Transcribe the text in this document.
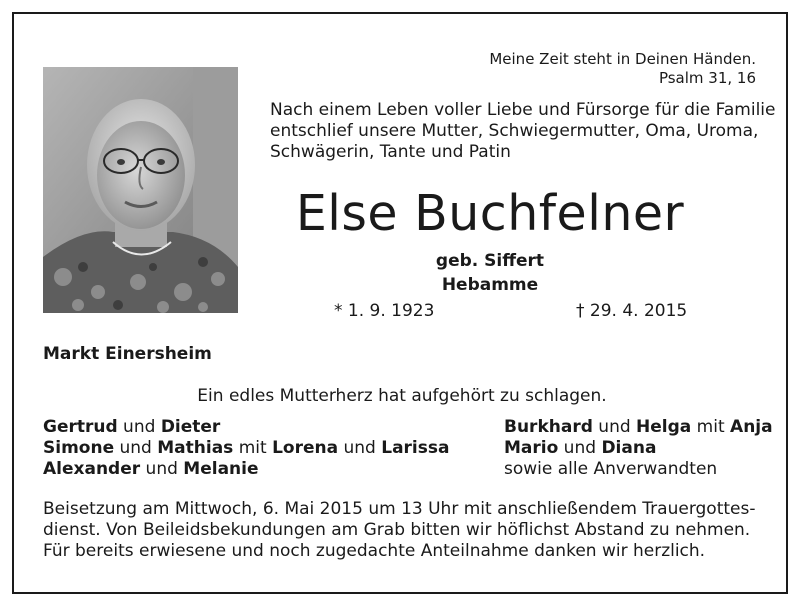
Meine Zeit steht in Deinen Händen.
Psalm 31, 16
Nach einem Leben voller Liebe und Fürsorge für die Familie
entschlief unsere Mutter, Schwiegermutter, Oma, Uroma,
Schwägerin, Tante und Patin
Else Buchfelner
geb. Siffert
Hebamme
* 1. 9. 1923	† 29. 4. 2015
Markt Einersheim
Ein edles Mutterherz hat aufgehört zu schlagen.
Gertrud und Dieter
Simone und Mathias mit Lorena und Larissa
Alexander und Melanie
Burkhard und Helga mit Anja
Mario und Diana
sowie alle Anverwandten
Beisetzung am Mittwoch, 6. Mai 2015 um 13 Uhr mit anschließendem Trauergottes-
dienst. Von Beileidsbekundungen am Grab bitten wir höflichst Abstand zu nehmen.
Für bereits erwiesene und noch zugedachte Anteilnahme danken wir herzlich.
